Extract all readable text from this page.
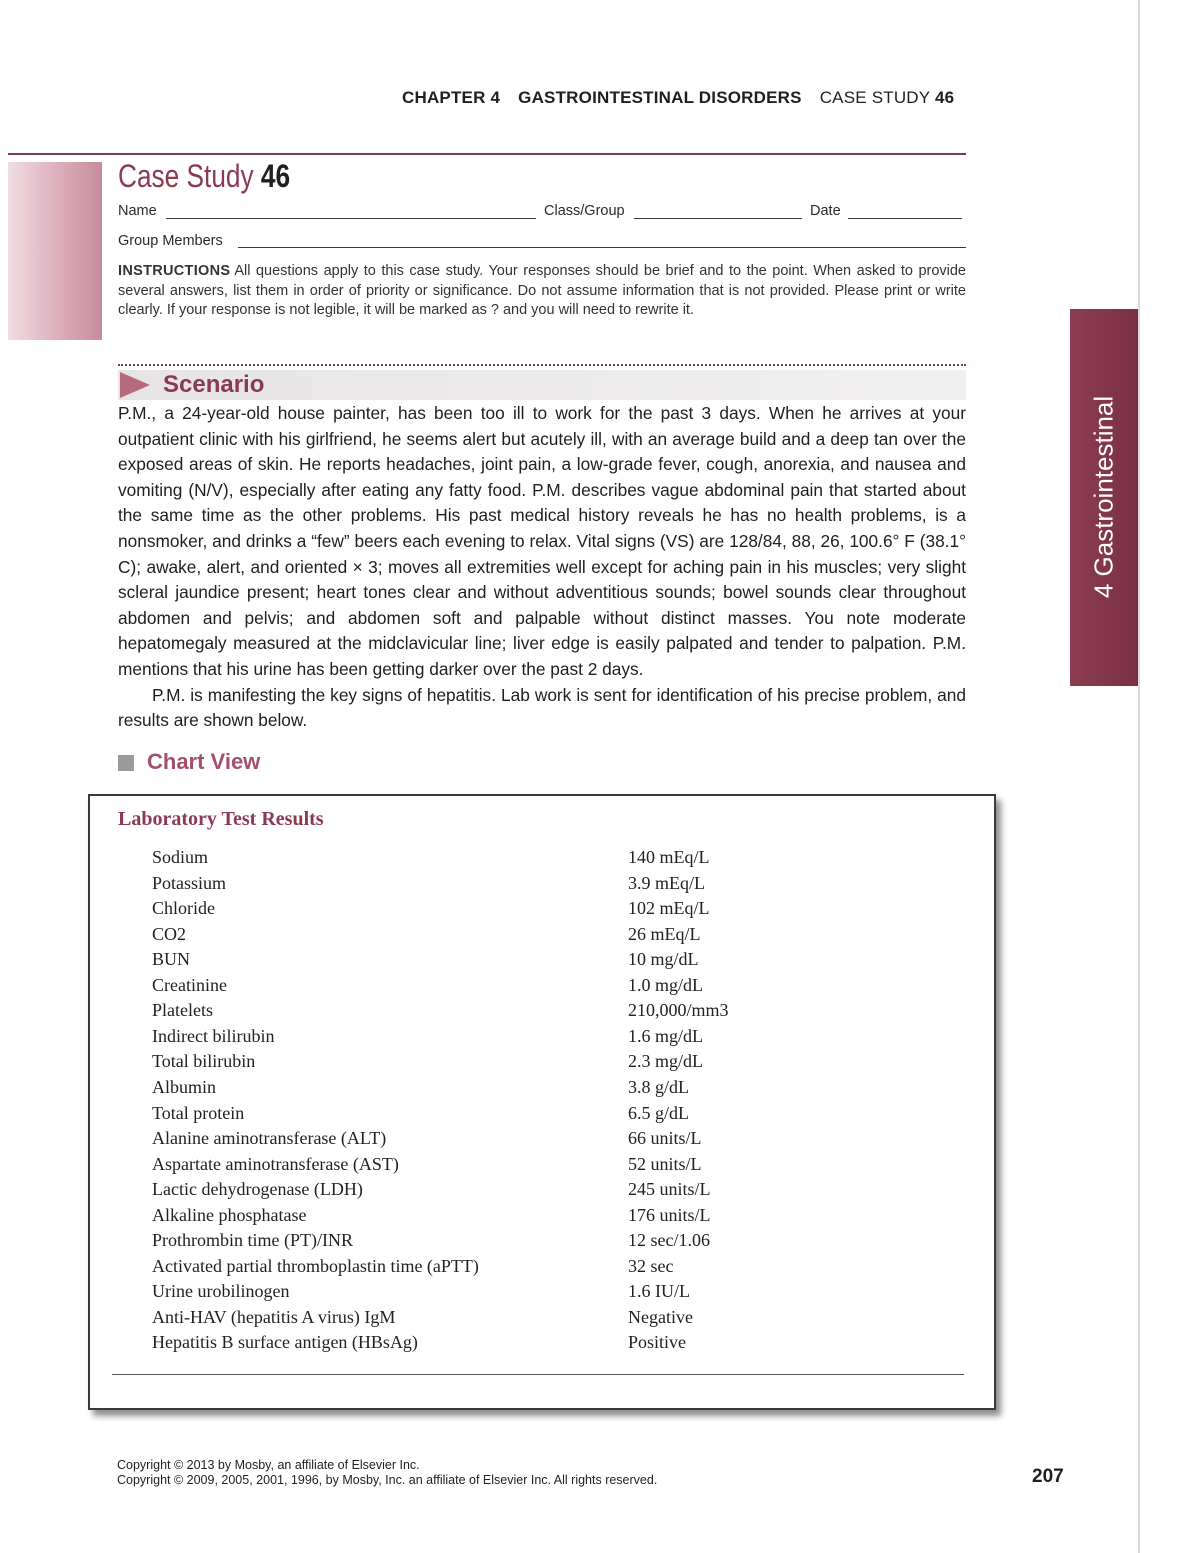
CHAPTER 4 GASTROINTESTINAL DISORDERS CASE STUDY 46
Case Study 46
Name	Class/Group	Date
Group Members
INSTRUCTIONS All questions apply to this case study. Your responses should be brief and to the point. When asked to provide several answers, list them in order of priority or significance. Do not assume information that is not provided. Please print or write clearly. If your response is not legible, it will be marked as ? and you will need to rewrite it.
Scenario

P.M., a 24-year-old house painter, has been too ill to work for the past 3 days. When he arrives at your outpatient clinic with his girlfriend, he seems alert but acutely ill, with an average build and a deep tan over the exposed areas of skin. He reports headaches, joint pain, a low-grade fever, cough, anorexia, and nausea and vomiting (N/V), especially after eating any fatty food. P.M. describes vague abdominal pain that started about the same time as the other problems. His past medical history reveals he has no health problems, is a nonsmoker, and drinks a “few” beers each evening to relax. Vital signs (VS) are 128/84, 88, 26, 100.6° F (38.1° C); awake, alert, and oriented × 3; moves all extremities well except for aching pain in his muscles; very slight scleral jaundice present; heart tones clear and without adventitious sounds; bowel sounds clear throughout abdomen and pelvis; and abdomen soft and palpable without distinct masses. You note moderate hepatomegaly measured at the midclavicular line; liver edge is easily palpated and tender to palpation. P.M. mentions that his urine has been getting darker over the past 2 days.

P.M. is manifesting the key signs of hepatitis. Lab work is sent for identification of his precise problem, and results are shown below.

Chart View
Laboratory Test Results
Sodium	140 mEq/L
Potassium	3.9 mEq/L
Chloride	102 mEq/L
CO2	26 mEq/L
BUN	10 mg/dL
Creatinine	1.0 mg/dL
Platelets	210,000/mm3
Indirect bilirubin	1.6 mg/dL
Total bilirubin	2.3 mg/dL
Albumin	3.8 g/dL
Total protein	6.5 g/dL
Alanine aminotransferase (ALT)	66 units/L
Aspartate aminotransferase (AST)	52 units/L
Lactic dehydrogenase (LDH)	245 units/L
Alkaline phosphatase	176 units/L
Prothrombin time (PT)/INR	12 sec/1.06
Activated partial thromboplastin time (aPTT)	32 sec
Urine urobilinogen	1.6 IU/L
Anti-HAV (hepatitis A virus) IgM	Negative
Hepatitis B surface antigen (HBsAg)	Positive
Copyright © 2013 by Mosby, an affiliate of Elsevier Inc.
Copyright © 2009, 2005, 2001, 1996, by Mosby, Inc. an affiliate of Elsevier Inc. All rights reserved.	207
4 Gastrointestinal
